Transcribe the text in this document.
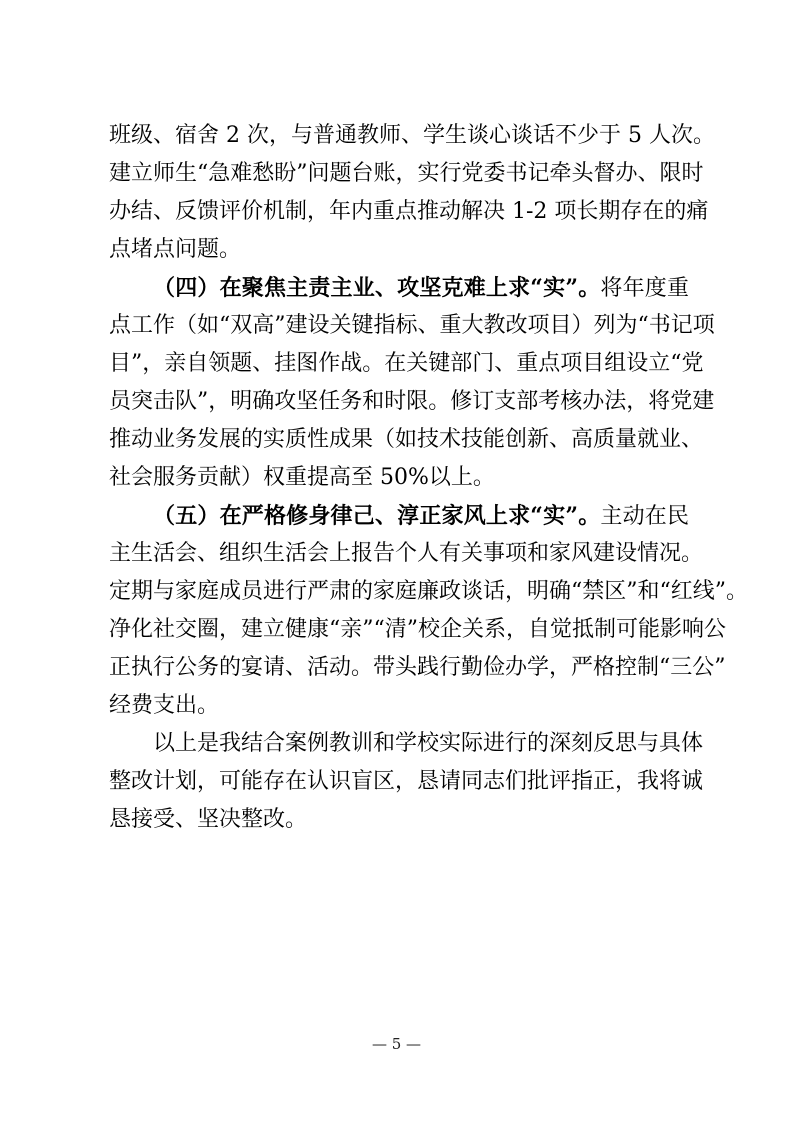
班级、宿舍 2 次，与普通教师、学生谈心谈话不少于 5 人次。
建立师生“急难愁盼”问题台账，实行党委书记牵头督办、限时
办结、反馈评价机制，年内重点推动解决 1-2 项长期存在的痛
点堵点问题。
（四）在聚焦主责主业、攻坚克难上求“实”。将年度重
点工作（如“双高”建设关键指标、重大教改项目）列为“书记项
目”，亲自领题、挂图作战。在关键部门、重点项目组设立“党
员突击队”，明确攻坚任务和时限。修订支部考核办法，将党建
推动业务发展的实质性成果（如技术技能创新、高质量就业、
社会服务贡献）权重提高至 50%以上。
（五）在严格修身律己、淳正家风上求“实”。主动在民
主生活会、组织生活会上报告个人有关事项和家风建设情况。
定期与家庭成员进行严肃的家庭廉政谈话，明确“禁区”和“红线”。
净化社交圈，建立健康“亲”“清”校企关系，自觉抵制可能影响公
正执行公务的宴请、活动。带头践行勤俭办学，严格控制“三公”
经费支出。
以上是我结合案例教训和学校实际进行的深刻反思与具体
整改计划，可能存在认识盲区，恳请同志们批评指正，我将诚
恳接受、坚决整改。
— 5 —
